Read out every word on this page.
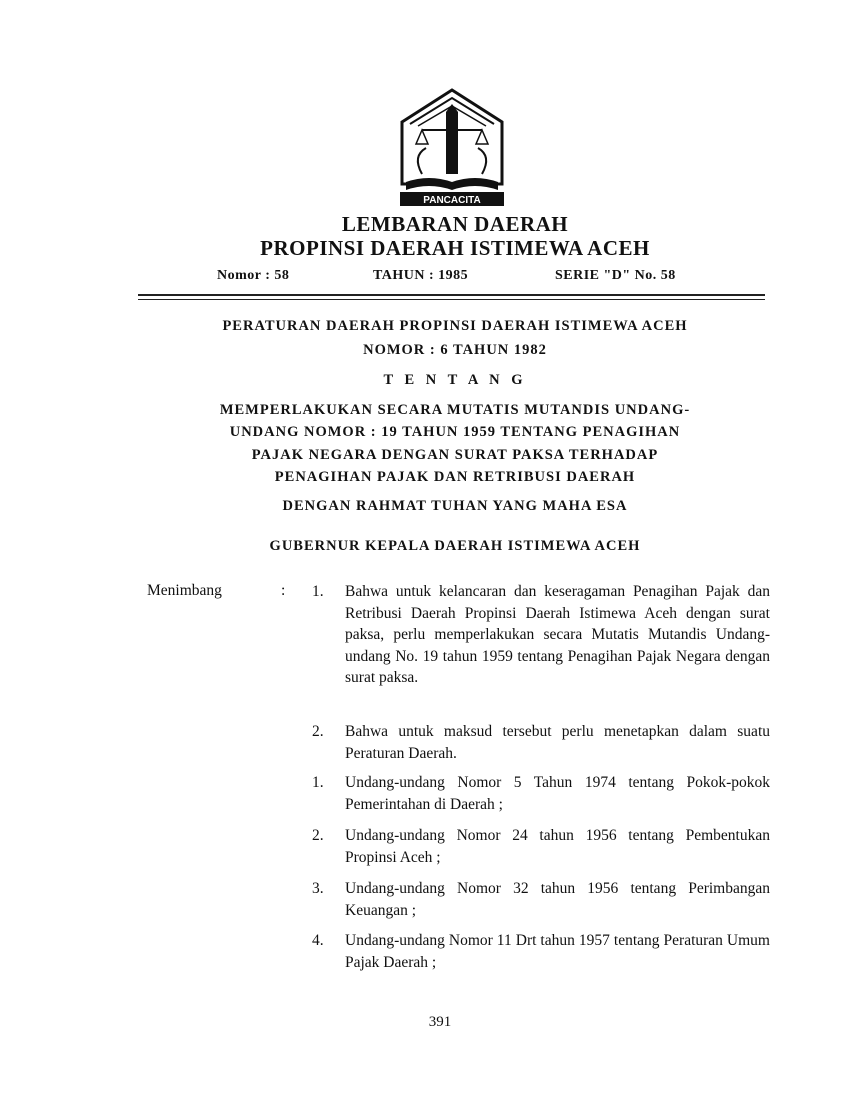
PANCACITA
LEMBARAN DAERAH
PROPINSI DAERAH ISTIMEWA ACEH
Nomor : 58	TAHUN : 1985	SERIE "D" No. 58
PERATURAN DAERAH PROPINSI DAERAH ISTIMEWA ACEH
NOMOR : 6 TAHUN 1982
T E N T A N G
MEMPERLAKUKAN SECARA MUTATIS MUTANDIS UNDANG-
UNDANG NOMOR : 19 TAHUN 1959 TENTANG PENAGIHAN
PAJAK NEGARA DENGAN SURAT PAKSA TERHADAP
PENAGIHAN PAJAK DAN RETRIBUSI DAERAH
DENGAN RAHMAT TUHAN YANG MAHA ESA
GUBERNUR KEPALA DAERAH ISTIMEWA ACEH
Menimbang	: 1.	Bahwa untuk kelancaran dan keseragaman Penagihan Pajak dan Retribusi Daerah Propinsi Daerah Istimewa Aceh dengan surat paksa, perlu memperlakukan secara Mutatis Mutandis Undang-undang No. 19 tahun 1959 tentang Penagihan Pajak Negara dengan surat paksa.
2.	Bahwa untuk maksud tersebut perlu menetapkan dalam suatu Peraturan Daerah.
1.	Undang-undang Nomor 5 Tahun 1974 tentang Pokok-pokok Pemerintahan di Daerah ;
2.	Undang-undang Nomor 24 tahun 1956 tentang Pembentukan Propinsi Aceh ;
3.	Undang-undang Nomor 32 tahun 1956 tentang Perimbangan Keuangan ;
4.	Undang-undang Nomor 11 Drt tahun 1957 tentang Peraturan Umum Pajak Daerah ;
391
